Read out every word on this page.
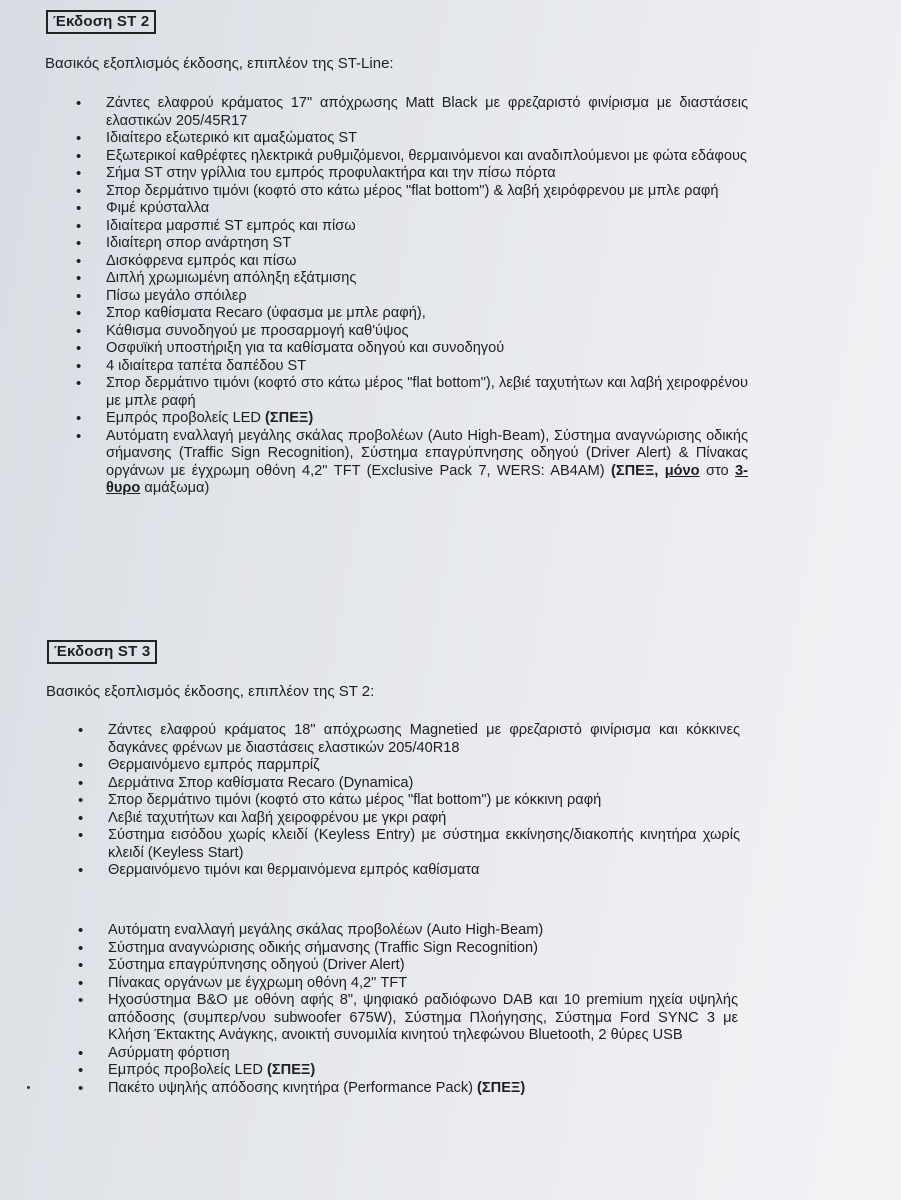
Έκδοση ST 2
Βασικός εξοπλισμός έκδοσης, επιπλέον της ST-Line:
• Ζάντες ελαφρού κράματος 17" απόχρωσης Matt Black με φρεζαριστό φινίρισμα με διαστάσεις ελαστικών 205/45R17
• Ιδιαίτερο εξωτερικό κιτ αμαξώματος ST
• Εξωτερικοί καθρέφτες ηλεκτρικά ρυθμιζόμενοι, θερμαινόμενοι και αναδιπλούμενοι με φώτα εδάφους
• Σήμα ST στην γρίλλια του εμπρός προφυλακτήρα και την πίσω πόρτα
• Σπορ δερμάτινο τιμόνι (κοφτό στο κάτω μέρος "flat bottom") & λαβή χειρόφρενου με μπλε ραφή
• Φιμέ κρύσταλλα
• Ιδιαίτερα μαρσπιέ ST εμπρός και πίσω
• Ιδιαίτερη σπορ ανάρτηση ST
• Δισκόφρενα εμπρός και πίσω
• Διπλή χρωμιωμένη απόληξη εξάτμισης
• Πίσω μεγάλο σπόιλερ
• Σπορ καθίσματα Recaro (ύφασμα με μπλε ραφή),
• Κάθισμα συνοδηγού με προσαρμογή καθ'ύψος
• Οσφυϊκή υποστήριξη για τα καθίσματα οδηγού και συνοδηγού
• 4 ιδιαίτερα ταπέτα δαπέδου ST
• Σπορ δερμάτινο τιμόνι (κοφτό στο κάτω μέρος "flat bottom"), λεβιέ ταχυτήτων και λαβή χειροφρένου με μπλε ραφή
• Εμπρός προβολείς LED (ΣΠΕΞ)
• Αυτόματη εναλλαγή μεγάλης σκάλας προβολέων (Auto High-Beam), Σύστημα αναγνώρισης οδικής σήμανσης (Traffic Sign Recognition), Σύστημα επαγρύπνησης οδηγού (Driver Alert) & Πίνακας οργάνων με έγχρωμη οθόνη 4,2" TFT (Exclusive Pack 7, WERS: AB4AM) (ΣΠΕΞ, μόνο στο 3-θυρο αμάξωμα)
Έκδοση ST 3
Βασικός εξοπλισμός έκδοσης, επιπλέον της ST 2:
• Ζάντες ελαφρού κράματος 18" απόχρωσης Magnetied με φρεζαριστό φινίρισμα και κόκκινες δαγκάνες φρένων με διαστάσεις ελαστικών 205/40R18
• Θερμαινόμενο εμπρός παρμπρίζ
• Δερμάτινα Σπορ καθίσματα Recaro (Dynamica)
• Σπορ δερμάτινο τιμόνι (κοφτό στο κάτω μέρος "flat bottom") με κόκκινη ραφή
• Λεβιέ ταχυτήτων και λαβή χειροφρένου με γκρι ραφή
• Σύστημα εισόδου χωρίς κλειδί (Keyless Entry) με σύστημα εκκίνησης/διακοπής κινητήρα χωρίς κλειδί (Keyless Start)
• Θερμαινόμενο τιμόνι και θερμαινόμενα εμπρός καθίσματα
• Αυτόματη εναλλαγή μεγάλης σκάλας προβολέων (Auto High-Beam)
• Σύστημα αναγνώρισης οδικής σήμανσης (Traffic Sign Recognition)
• Σύστημα επαγρύπνησης οδηγού (Driver Alert)
• Πίνακας οργάνων με έγχρωμη οθόνη 4,2" TFT
• Ηχοσύστημα B&O με οθόνη αφής 8", ψηφιακό ραδιόφωνο DAB και 10 premium ηχεία υψηλής απόδοσης (συμπερ/νου subwoofer 675W), Σύστημα Πλοήγησης, Σύστημα Ford SYNC 3 με Κλήση Έκτακτης Ανάγκης, ανοικτή συνομιλία κινητού τηλεφώνου Bluetooth, 2 θύρες USB
• Ασύρματη φόρτιση
• Εμπρός προβολείς LED (ΣΠΕΞ)
• Πακέτο υψηλής απόδοσης κινητήρα (Performance Pack) (ΣΠΕΞ)
